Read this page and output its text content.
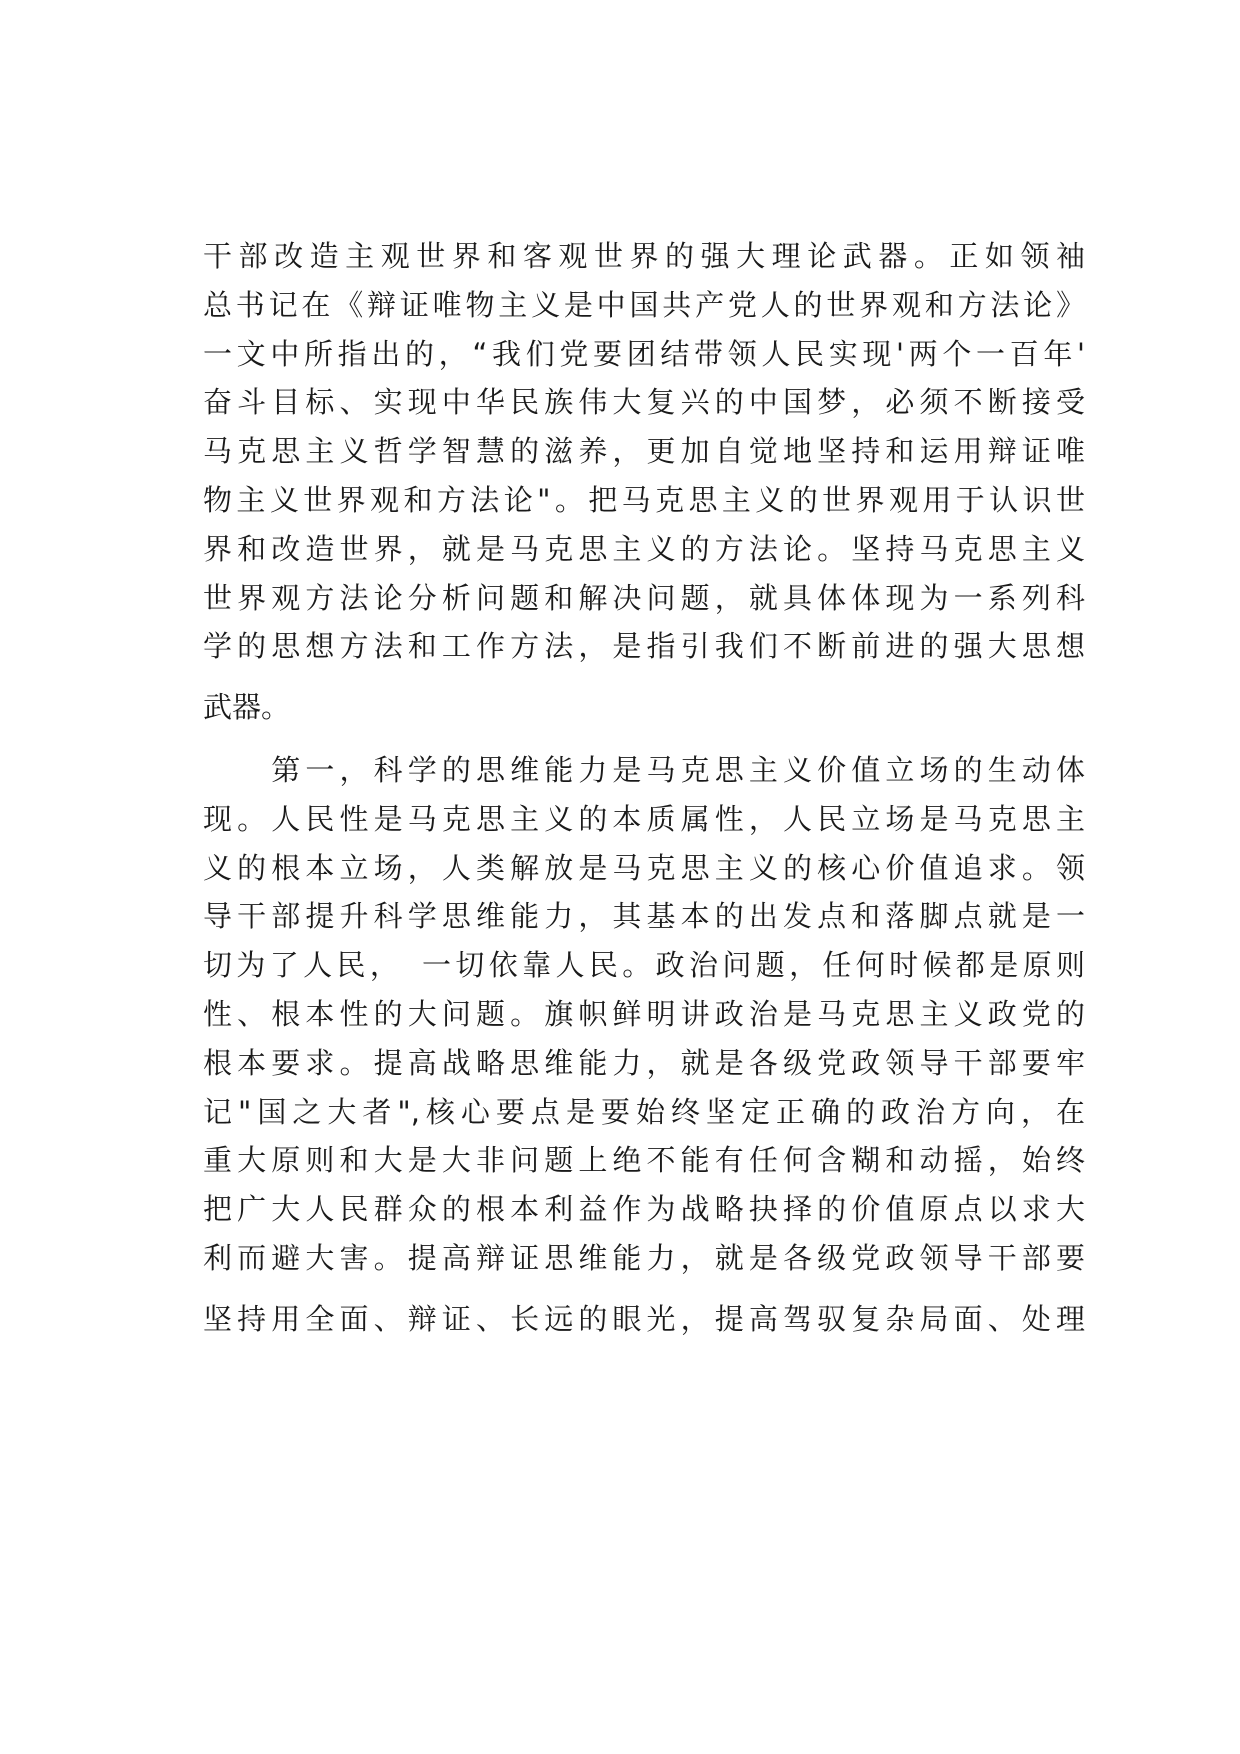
干部改造主观世界和客观世界的强大理论武器。正如领袖
总书记在《辩证唯物主义是中国共产党人的世界观和方法论》
一文中所指出的，“我们党要团结带领人民实现'两个一百年'
奋斗目标、实现中华民族伟大复兴的中国梦，必须不断接受
马克思主义哲学智慧的滋养，更加自觉地坚持和运用辩证唯
物主义世界观和方法论"。把马克思主义的世界观用于认识世
界和改造世界，就是马克思主义的方法论。坚持马克思主义
世界观方法论分析问题和解决问题，就具体体现为一系列科
学的思想方法和工作方法，是指引我们不断前进的强大思想
武器。
　　第一，科学的思维能力是马克思主义价值立场的生动体
现。人民性是马克思主义的本质属性，人民立场是马克思主
义的根本立场，人类解放是马克思主义的核心价值追求。领
导干部提升科学思维能力，其基本的出发点和落脚点就是一
切为了人民，　一切依靠人民。政治问题，任何时候都是原则
性、根本性的大问题。旗帜鲜明讲政治是马克思主义政党的
根本要求。提高战略思维能力，就是各级党政领导干部要牢
记"国之大者",核心要点是要始终坚定正确的政治方向，在
重大原则和大是大非问题上绝不能有任何含糊和动摇，始终
把广大人民群众的根本利益作为战略抉择的价值原点以求大
利而避大害。提高辩证思维能力，就是各级党政领导干部要
坚持用全面、辩证、长远的眼光，提高驾驭复杂局面、处理
